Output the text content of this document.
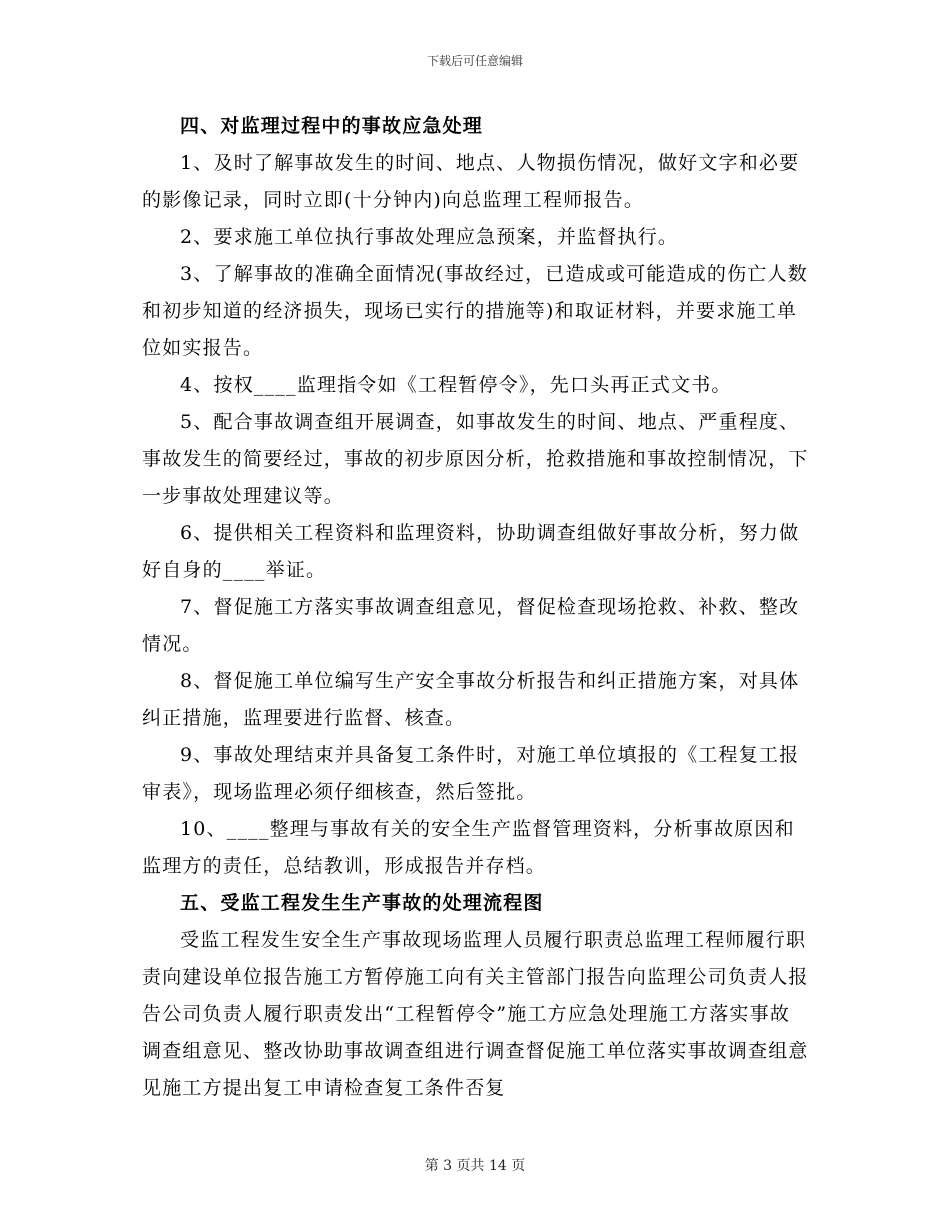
下载后可任意编辑

四、对监理过程中的事故应急处理

1、及时了解事故发生的时间、地点、人物损伤情况，做好文字和必要的影像记录，同时立即(十分钟内)向总监理工程师报告。

2、要求施工单位执行事故处理应急预案，并监督执行。

3、了解事故的准确全面情况(事故经过，已造成或可能造成的伤亡人数和初步知道的经济损失，现场已实行的措施等)和取证材料，并要求施工单位如实报告。

4、按权____监理指令如《工程暂停令》，先口头再正式文书。

5、配合事故调查组开展调查，如事故发生的时间、地点、严重程度、事故发生的简要经过，事故的初步原因分析，抢救措施和事故控制情况，下一步事故处理建议等。

6、提供相关工程资料和监理资料，协助调查组做好事故分析，努力做好自身的____举证。

7、督促施工方落实事故调查组意见，督促检查现场抢救、补救、整改情况。

8、督促施工单位编写生产安全事故分析报告和纠正措施方案，对具体纠正措施，监理要进行监督、核查。

9、事故处理结束并具备复工条件时，对施工单位填报的《工程复工报审表》，现场监理必须仔细核查，然后签批。

10、____整理与事故有关的安全生产监督管理资料，分析事故原因和监理方的责任，总结教训，形成报告并存档。

五、受监工程发生生产事故的处理流程图

受监工程发生安全生产事故现场监理人员履行职责总监理工程师履行职责向建设单位报告施工方暂停施工向有关主管部门报告向监理公司负责人报告公司负责人履行职责发出“工程暂停令”施工方应急处理施工方落实事故调查组意见、整改协助事故调查组进行调查督促施工单位落实事故调查组意见施工方提出复工申请检查复工条件否复

第 3 页共 14 页
